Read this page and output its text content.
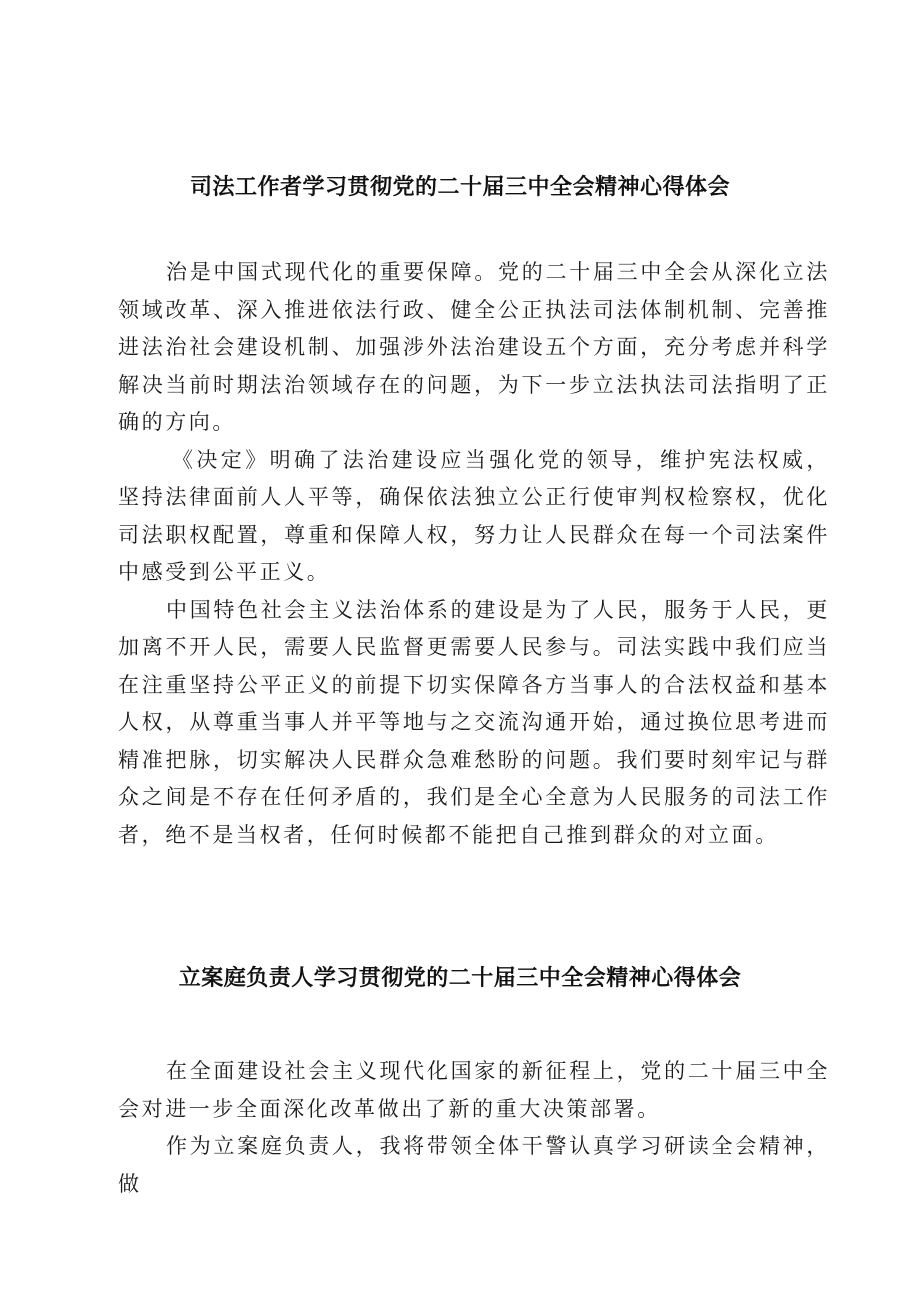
司法工作者学习贯彻党的二十届三中全会精神心得体会

治是中国式现代化的重要保障。党的二十届三中全会从深化立法领域改革、深入推进依法行政、健全公正执法司法体制机制、完善推进法治社会建设机制、加强涉外法治建设五个方面，充分考虑并科学解决当前时期法治领域存在的问题，为下一步立法执法司法指明了正确的方向。

《决定》明确了法治建设应当强化党的领导，维护宪法权威，坚持法律面前人人平等，确保依法独立公正行使审判权检察权，优化司法职权配置，尊重和保障人权，努力让人民群众在每一个司法案件中感受到公平正义。

中国特色社会主义法治体系的建设是为了人民，服务于人民，更加离不开人民，需要人民监督更需要人民参与。司法实践中我们应当在注重坚持公平正义的前提下切实保障各方当事人的合法权益和基本人权，从尊重当事人并平等地与之交流沟通开始，通过换位思考进而精准把脉，切实解决人民群众急难愁盼的问题。我们要时刻牢记与群众之间是不存在任何矛盾的，我们是全心全意为人民服务的司法工作者，绝不是当权者，任何时候都不能把自己推到群众的对立面。

立案庭负责人学习贯彻党的二十届三中全会精神心得体会

在全面建设社会主义现代化国家的新征程上，党的二十届三中全会对进一步全面深化改革做出了新的重大决策部署。

作为立案庭负责人，我将带领全体干警认真学习研读全会精神，做
